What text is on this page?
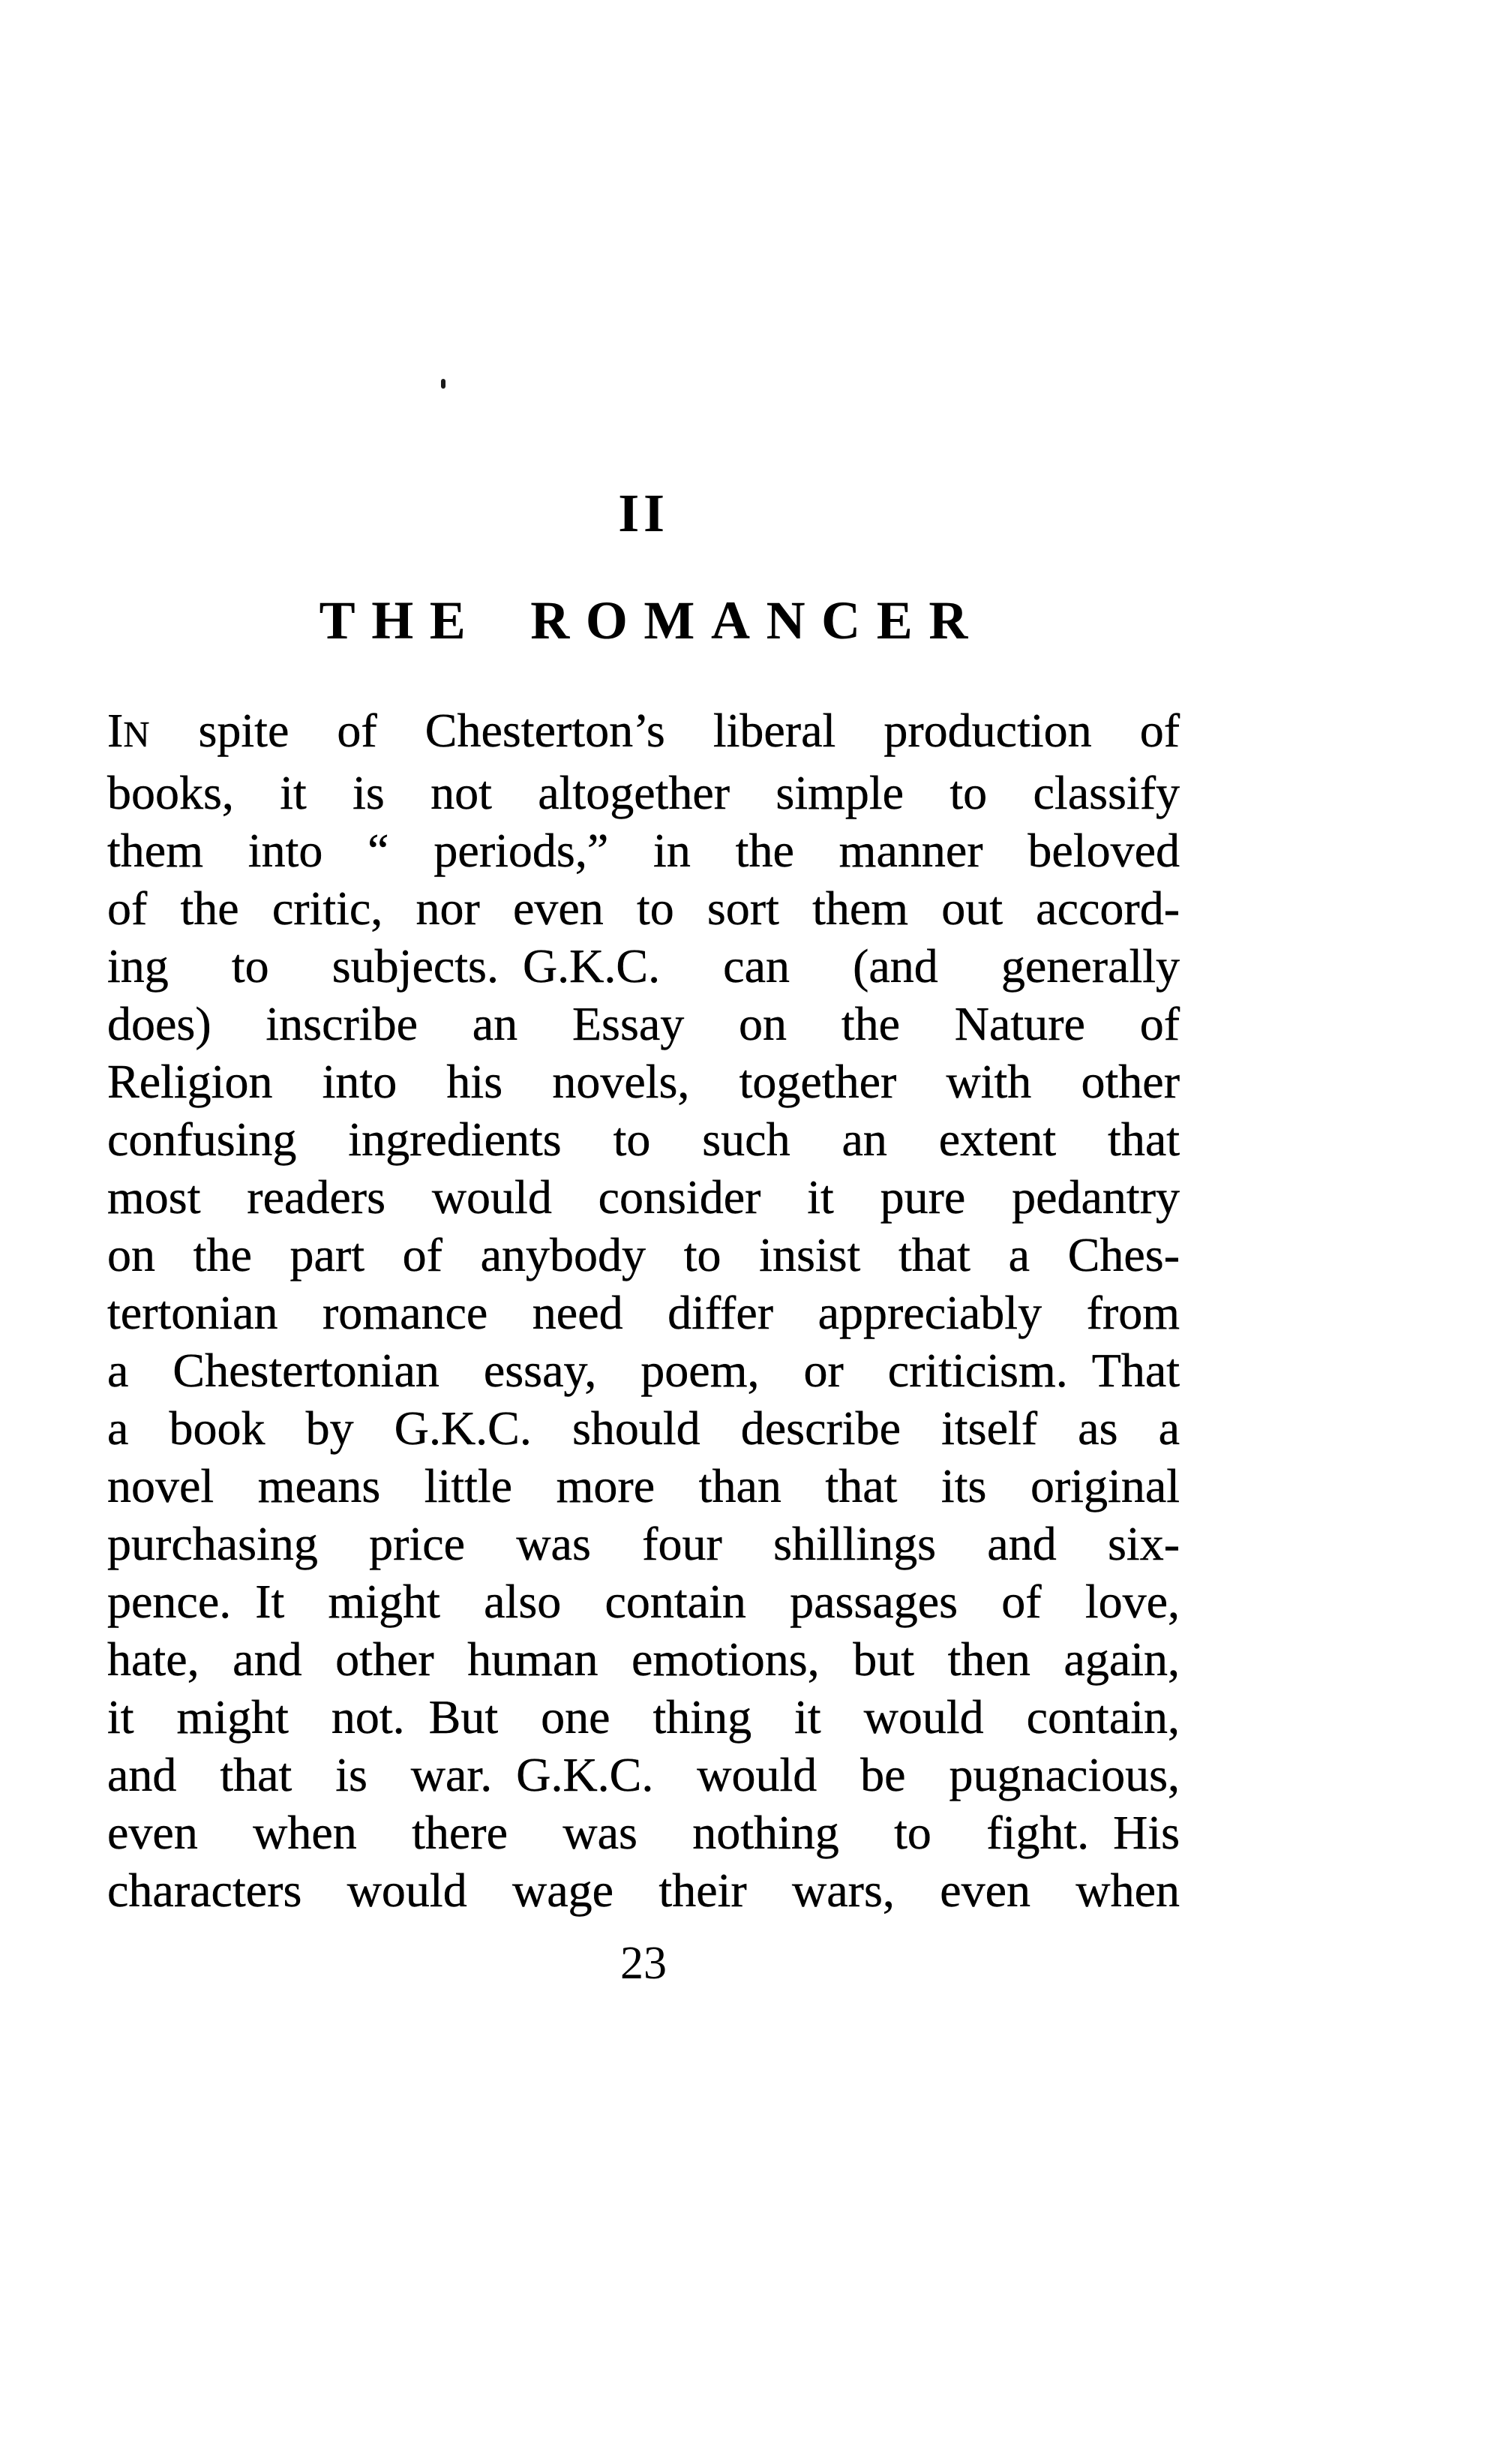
II
THE ROMANCER
IN spite of Chesterton’s liberal production of
books, it is not altogether simple to classify
them into “ periods,” in the manner beloved
of the critic, nor even to sort them out accord-
ing to subjects. G.K.C. can (and generally
does) inscribe an Essay on the Nature of
Religion into his novels, together with other
confusing ingredients to such an extent that
most readers would consider it pure pedantry
on the part of anybody to insist that a Ches-
tertonian romance need differ appreciably from
a Chestertonian essay, poem, or criticism. That
a book by G.K.C. should describe itself as a
novel means little more than that its original
purchasing price was four shillings and six-
pence. It might also contain passages of love,
hate, and other human emotions, but then again,
it might not. But one thing it would contain,
and that is war. G.K.C. would be pugnacious,
even when there was nothing to fight. His
characters would wage their wars, even when
23
